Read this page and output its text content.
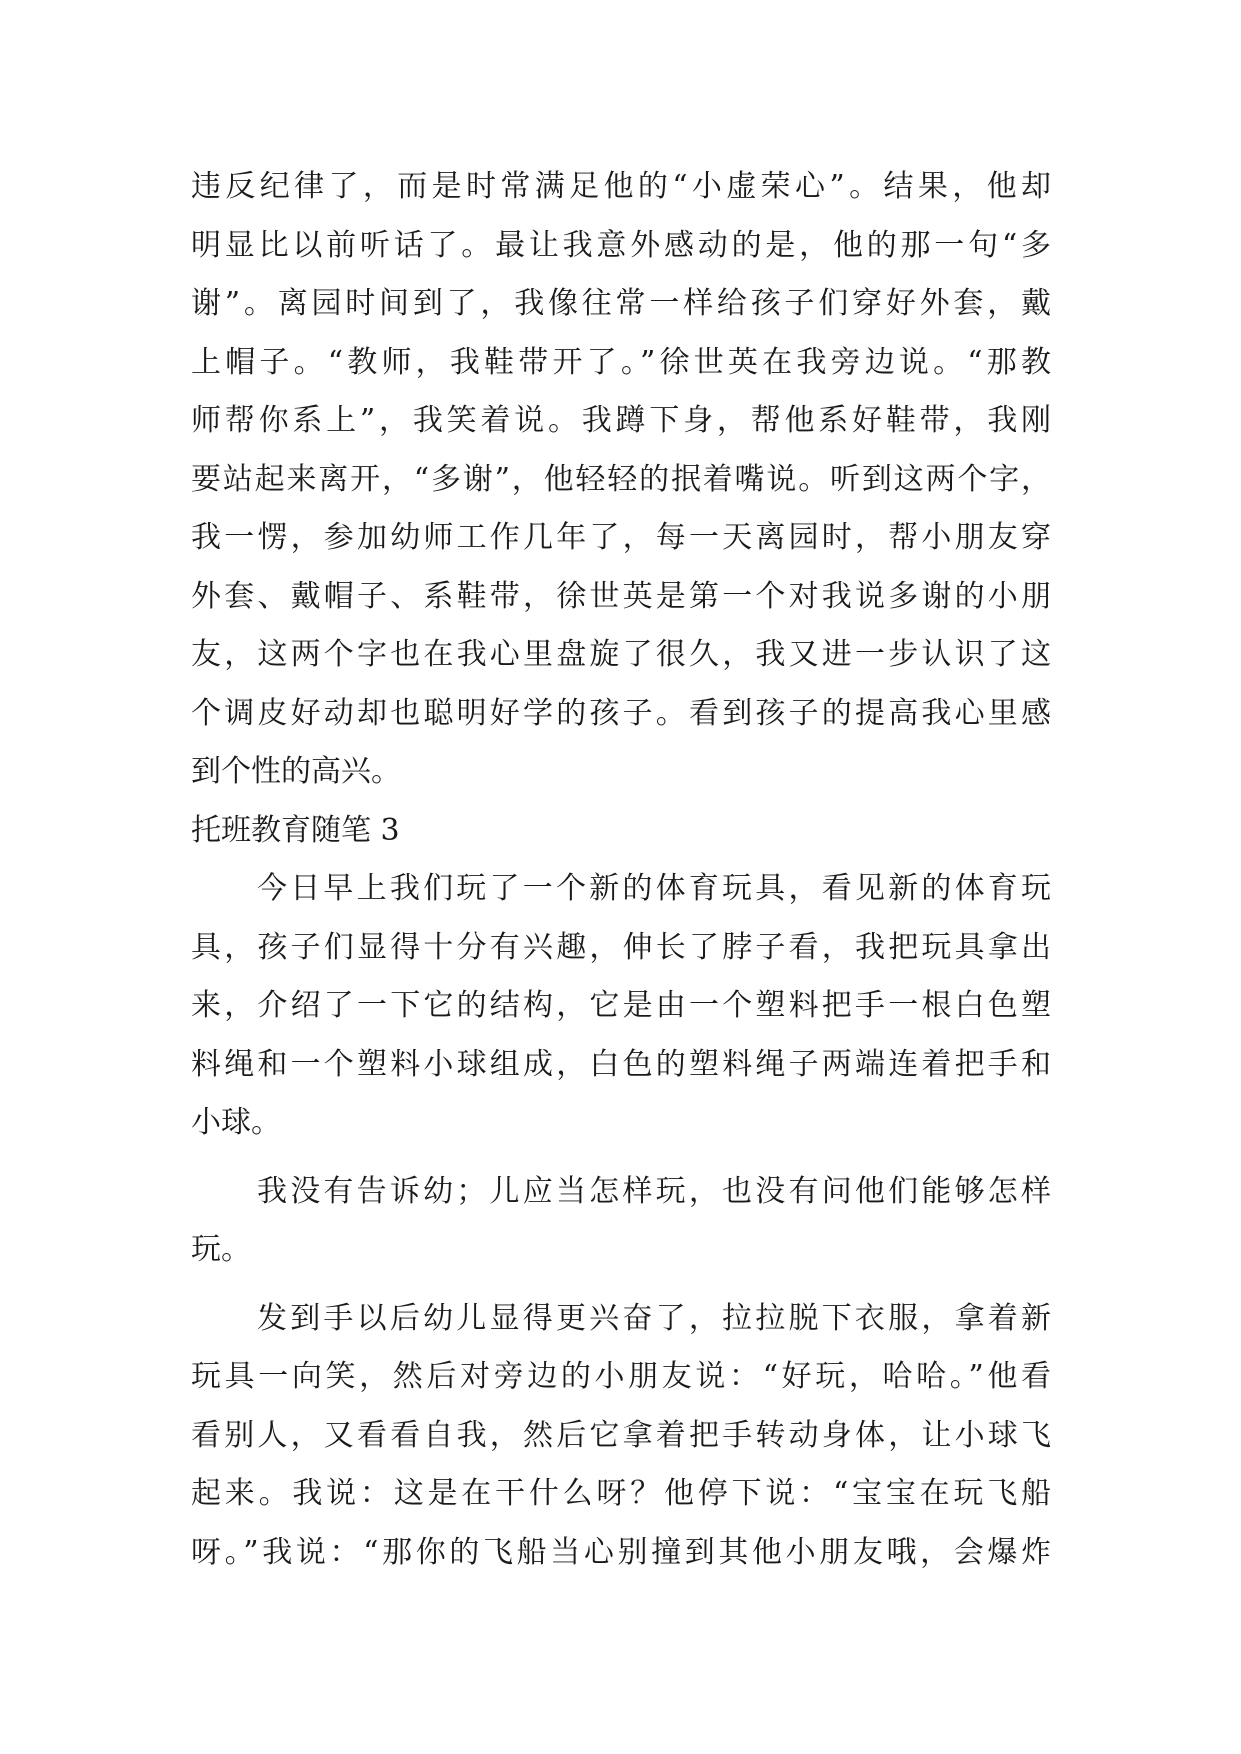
违反纪律了，而是时常满足他的“小虚荣心”。结果，他却
明显比以前听话了。最让我意外感动的是，他的那一句“多
谢”。离园时间到了，我像往常一样给孩子们穿好外套，戴
上帽子。“教师，我鞋带开了。”徐世英在我旁边说。“那教
师帮你系上”，我笑着说。我蹲下身，帮他系好鞋带，我刚
要站起来离开，“多谢”，他轻轻的抿着嘴说。听到这两个字，
我一愣，参加幼师工作几年了，每一天离园时，帮小朋友穿
外套、戴帽子、系鞋带，徐世英是第一个对我说多谢的小朋
友，这两个字也在我心里盘旋了很久，我又进一步认识了这
个调皮好动却也聪明好学的孩子。看到孩子的提高我心里感
到个性的高兴。
托班教育随笔 3
今日早上我们玩了一个新的体育玩具，看见新的体育玩
具，孩子们显得十分有兴趣，伸长了脖子看，我把玩具拿出
来，介绍了一下它的结构，它是由一个塑料把手一根白色塑
料绳和一个塑料小球组成，白色的塑料绳子两端连着把手和
小球。
我没有告诉幼；儿应当怎样玩，也没有问他们能够怎样
玩。
发到手以后幼儿显得更兴奋了，拉拉脱下衣服，拿着新
玩具一向笑，然后对旁边的小朋友说：“好玩，哈哈。”他看
看别人，又看看自我，然后它拿着把手转动身体，让小球飞
起来。我说：这是在干什么呀？他停下说：“宝宝在玩飞船
呀。”我说：“那你的飞船当心别撞到其他小朋友哦，会爆炸
